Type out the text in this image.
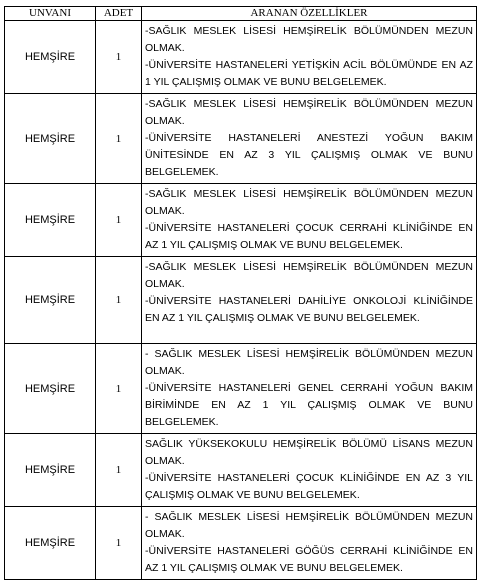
UNVANI	ADET	ARANAN ÖZELLİKLER
HEMŞİRE	1	-SAĞLIK MESLEK LİSESİ HEMŞİRELİK BÖLÜMÜNDEN MEZUN OLMAK.
-ÜNİVERSİTE HASTANELERİ YETİŞKİN ACİL BÖLÜMÜNDE EN AZ 1 YIL ÇALIŞMIŞ OLMAK VE BUNU BELGELEMEK.

HEMŞİRE	1	-SAĞLIK MESLEK LİSESİ HEMŞİRELİK BÖLÜMÜNDEN MEZUN OLMAK.
-ÜNİVERSİTE HASTANELERİ ANESTEZİ YOĞUN BAKIM ÜNİTESİNDE EN AZ 3 YIL ÇALIŞMIŞ OLMAK VE BUNU BELGELEMEK.

HEMŞİRE	1	-SAĞLIK MESLEK LİSESİ HEMŞİRELİK BÖLÜMÜNDEN MEZUN OLMAK.
-ÜNİVERSİTE HASTANELERİ ÇOCUK CERRAHİ KLİNİĞİNDE EN AZ 1 YIL ÇALIŞMIŞ OLMAK VE BUNU BELGELEMEK.

HEMŞİRE	1	-SAĞLIK MESLEK LİSESİ HEMŞİRELİK BÖLÜMÜNDEN MEZUN OLMAK.
-ÜNİVERSİTE HASTANELERİ DAHİLİYE ONKOLOJİ KLİNİĞİNDE EN AZ 1 YIL ÇALIŞMIŞ OLMAK VE BUNU BELGELEMEK.

HEMŞİRE	1	- SAĞLIK MESLEK LİSESİ HEMŞİRELİK BÖLÜMÜNDEN MEZUN OLMAK.
-ÜNİVERSİTE HASTANELERİ GENEL CERRAHİ YOĞUN BAKIM BİRİMİNDE EN AZ 1 YIL ÇALIŞMIŞ OLMAK VE BUNU BELGELEMEK.

HEMŞİRE	1	SAĞLIK YÜKSEKOKULU HEMŞİRELİK BÖLÜMÜ LİSANS MEZUN OLMAK.
-ÜNİVERSİTE HASTANELERİ ÇOCUK KLİNİĞİNDE EN AZ 3 YIL ÇALIŞMIŞ OLMAK VE BUNU BELGELEMEK.

HEMŞİRE	1	- SAĞLIK MESLEK LİSESİ HEMŞİRELİK BÖLÜMÜNDEN MEZUN OLMAK.
-ÜNİVERSİTE HASTANELERİ GÖĞÜS CERRAHİ KLİNİĞİNDE EN AZ 1 YIL ÇALIŞMIŞ OLMAK VE BUNU BELGELEMEK.
